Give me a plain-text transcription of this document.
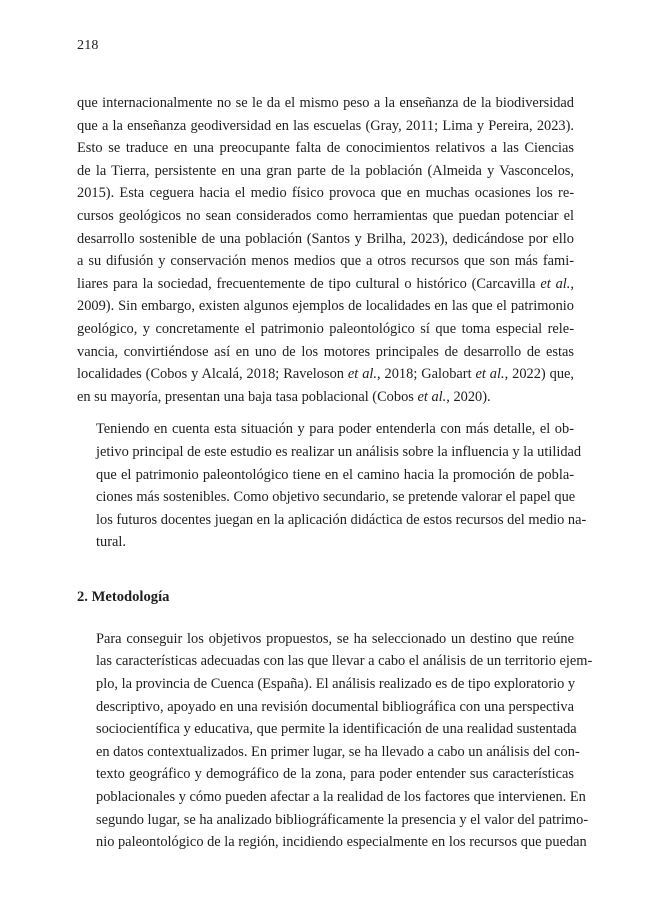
218

que internacionalmente no se le da el mismo peso a la enseñanza de la biodiversidad
que a la enseñanza geodiversidad en las escuelas (Gray, 2011; Lima y Pereira, 2023).
Esto se traduce en una preocupante falta de conocimientos relativos a las Ciencias
de la Tierra, persistente en una gran parte de la población (Almeida y Vasconcelos,
2015). Esta ceguera hacia el medio físico provoca que en muchas ocasiones los re-
cursos geológicos no sean considerados como herramientas que puedan potenciar el
desarrollo sostenible de una población (Santos y Brilha, 2023), dedicándose por ello
a su difusión y conservación menos medios que a otros recursos que son más fami-
liares para la sociedad, frecuentemente de tipo cultural o histórico (Carcavilla et al.,
2009). Sin embargo, existen algunos ejemplos de localidades en las que el patrimonio
geológico, y concretamente el patrimonio paleontológico sí que toma especial rele-
vancia, convirtiéndose así en uno de los motores principales de desarrollo de estas
localidades (Cobos y Alcalá, 2018; Raveloson et al., 2018; Galobart et al., 2022) que,
en su mayoría, presentan una baja tasa poblacional (Cobos et al., 2020).

Teniendo en cuenta esta situación y para poder entenderla con más detalle, el ob-
jetivo principal de este estudio es realizar un análisis sobre la influencia y la utilidad
que el patrimonio paleontológico tiene en el camino hacia la promoción de pobla-
ciones más sostenibles. Como objetivo secundario, se pretende valorar el papel que
los futuros docentes juegan en la aplicación didáctica de estos recursos del medio na-
tural.

2. Metodología

Para conseguir los objetivos propuestos, se ha seleccionado un destino que reúne
las características adecuadas con las que llevar a cabo el análisis de un territorio ejem-
plo, la provincia de Cuenca (España). El análisis realizado es de tipo exploratorio y
descriptivo, apoyado en una revisión documental bibliográfica con una perspectiva
sociocientífica y educativa, que permite la identificación de una realidad sustentada
en datos contextualizados. En primer lugar, se ha llevado a cabo un análisis del con-
texto geográfico y demográfico de la zona, para poder entender sus características
poblacionales y cómo pueden afectar a la realidad de los factores que intervienen. En
segundo lugar, se ha analizado bibliográficamente la presencia y el valor del patrimo-
nio paleontológico de la región, incidiendo especialmente en los recursos que puedan
